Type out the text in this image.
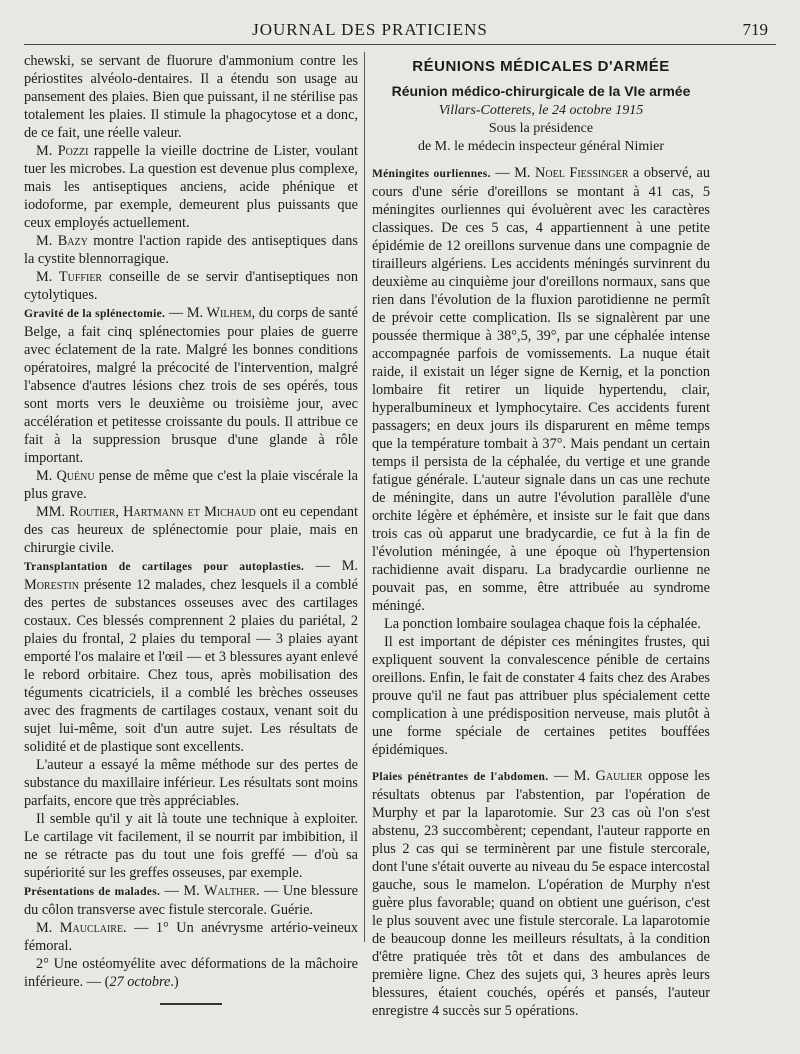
JOURNAL DES PRATICIENS	719

chewski, se servant de fluorure d'ammonium contre les périostites alvéolo-dentaires. Il a étendu son usage au pansement des plaies. Bien que puissant, il ne stérilise pas totalement les plaies. Il stimule la phagocytose et a donc, de ce fait, une réelle valeur.

M. Pozzi rappelle la vieille doctrine de Lister, voulant tuer les microbes. La question est devenue plus complexe, mais les antiseptiques anciens, acide phénique et iodoforme, par exemple, demeurent plus puissants que ceux employés actuellement.

M. Bazy montre l'action rapide des antiseptiques dans la cystite blennorragique.

M. Tuffier conseille de se servir d'antiseptiques non cytolytiques.

Gravité de la splénectomie. — M. Wilhem, du corps de santé Belge, a fait cinq splénectomies pour plaies de guerre avec éclatement de la rate. Malgré les bonnes conditions opératoires, malgré la précocité de l'intervention, malgré l'absence d'autres lésions chez trois de ses opérés, tous sont morts vers le deuxième ou troisième jour, avec accélération et petitesse croissante du pouls. Il attribue ce fait à la suppression brusque d'une glande à rôle important.

M. Quénu pense de même que c'est la plaie viscérale la plus grave.

MM. Routier, Hartmann et Michaud ont eu cependant des cas heureux de splénectomie pour plaie, mais en chirurgie civile.

Transplantation de cartilages pour autoplasties. — M. Morestin présente 12 malades, chez lesquels il a comblé des pertes de substances osseuses avec des cartilages costaux. Ces blessés comprennent 2 plaies du pariétal, 2 plaies du frontal, 2 plaies du temporal — 3 plaies ayant emporté l'os malaire et l'œil — et 3 blessures ayant enlevé le rebord orbitaire. Chez tous, après mobilisation des téguments cicatriciels, il a comblé les brèches osseuses avec des fragments de cartilages costaux, venant soit du sujet lui-même, soit d'un autre sujet. Les résultats de solidité et de plastique sont excellents.

L'auteur a essayé la même méthode sur des pertes de substance du maxillaire inférieur. Les résultats sont moins parfaits, encore que très appréciables.

Il semble qu'il y ait là toute une technique à exploiter. Le cartilage vit facilement, il se nourrit par imbibition, il ne se rétracte pas du tout une fois greffé — d'où sa supériorité sur les greffes osseuses, par exemple.

Présentations de malades. — M. Walther. — Une blessure du côlon transverse avec fistule stercorale. Guérie.

M. Mauclaire. — 1° Un anévrysme artério-veineux fémoral.

2° Une ostéomyélite avec déformations de la mâchoire inférieure. — (27 octobre.)

RÉUNIONS MÉDICALES D'ARMÉE
Réunion médico-chirurgicale de la VIe armée
Villars-Cotterets, le 24 octobre 1915
Sous la présidence
de M. le médecin inspecteur général Nimier

Méningites ourliennes. — M. Noel Fiessinger a observé, au cours d'une série d'oreillons se montant à 41 cas, 5 méningites ourliennes qui évoluèrent avec les caractères classiques. De ces 5 cas, 4 appartiennent à une petite épidémie de 12 oreillons survenue dans une compagnie de tirailleurs algériens. Les accidents méningés survinrent du deuxième au cinquième jour d'oreillons normaux, sans que rien dans l'évolution de la fluxion parotidienne ne permît de prévoir cette complication. Ils se signalèrent par une poussée thermique à 38°,5, 39°, par une céphalée intense accompagnée parfois de vomissements. La nuque était raide, il existait un léger signe de Kernig, et la ponction lombaire fit retirer un liquide hypertendu, clair, hyperalbumineux et lymphocytaire. Ces accidents furent passagers; en deux jours ils disparurent en même temps que la température tombait à 37°. Mais pendant un certain temps il persista de la céphalée, du vertige et une grande fatigue générale. L'auteur signale dans un cas une rechute de méningite, dans un autre l'évolution parallèle d'une orchite légère et éphémère, et insiste sur le fait que dans trois cas où apparut une bradycardie, ce fut à la fin de l'évolution méningée, à une époque où l'hypertension rachidienne avait disparu. La bradycardie ourlienne ne pouvait pas, en somme, être attribuée au syndrome méningé.

La ponction lombaire soulagea chaque fois la céphalée.

Il est important de dépister ces méningites frustes, qui expliquent souvent la convalescence pénible de certains oreillons. Enfin, le fait de constater 4 faits chez des Arabes prouve qu'il ne faut pas attribuer plus spécialement cette complication à une prédisposition nerveuse, mais plutôt à une forme spéciale de certaines petites bouffées épidémiques.

Plaies pénétrantes de l'abdomen. — M. Gaulier oppose les résultats obtenus par l'abstention, par l'opération de Murphy et par la laparotomie. Sur 23 cas où l'on s'est abstenu, 23 succombèrent; cependant, l'auteur rapporte en plus 2 cas qui se terminèrent par une fistule stercorale, dont l'une s'était ouverte au niveau du 5e espace intercostal gauche, sous le mamelon. L'opération de Murphy n'est guère plus favorable; quand on obtient une guérison, c'est le plus souvent avec une fistule stercorale. La laparotomie de beaucoup donne les meilleurs résultats, à la condition d'être pratiquée très tôt et dans des ambulances de première ligne. Chez des sujets qui, 3 heures après leurs blessures, étaient couchés, opérés et pansés, l'auteur enregistre 4 succès sur 5 opérations.
